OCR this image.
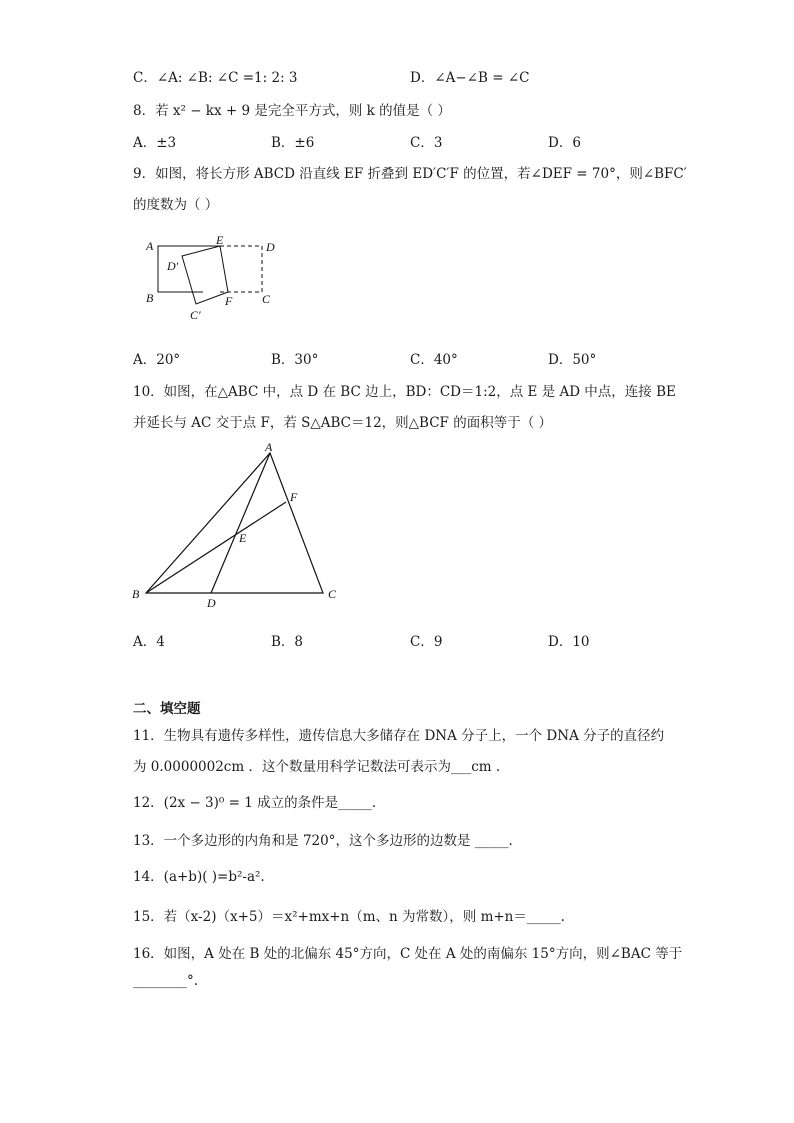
C．∠A: ∠B: ∠C =1: 2: 3	D．∠A−∠B = ∠C
8．若 x² − kx + 9 是完全平方式，则 k 的值是（ ）
A．±3	B．±6	C．3	D．6
9．如图，将长方形 ABCD 沿直线 EF 折叠到 ED′C′F 的位置，若∠DEF = 70°，则∠BFC′
的度数为（ ）
A	E	D
D′
B	F C
C′
A．20°	B．30°	C．40°	D．50°
10．如图，在△ABC 中，点 D 在 BC 边上，BD：CD＝1:2，点 E 是 AD 中点，连接 BE
并延长与 AC 交于点 F，若 S△ABC＝12，则△BCF 的面积等于（ ）
A
F
E
B
D
C
A．4	B．8	C．9	D．10
二、填空题
11．生物具有遗传多样性，遗传信息大多储存在 DNA 分子上，一个 DNA 分子的直径约
为 0.0000002cm ．这个数量用科学记数法可表示为___cm .
12．(2x − 3)⁰ = 1 成立的条件是_____.
13．一个多边形的内角和是 720°，这个多边形的边数是 _____.
14．(a+b)( )=b²-a².
15．若（x-2)（x+5）＝x²+mx+n（m、n 为常数），则 m+n＝_____.
16．如图，A 处在 B 处的北偏东 45°方向，C 处在 A 处的南偏东 15°方向，则∠BAC 等于
________°.
